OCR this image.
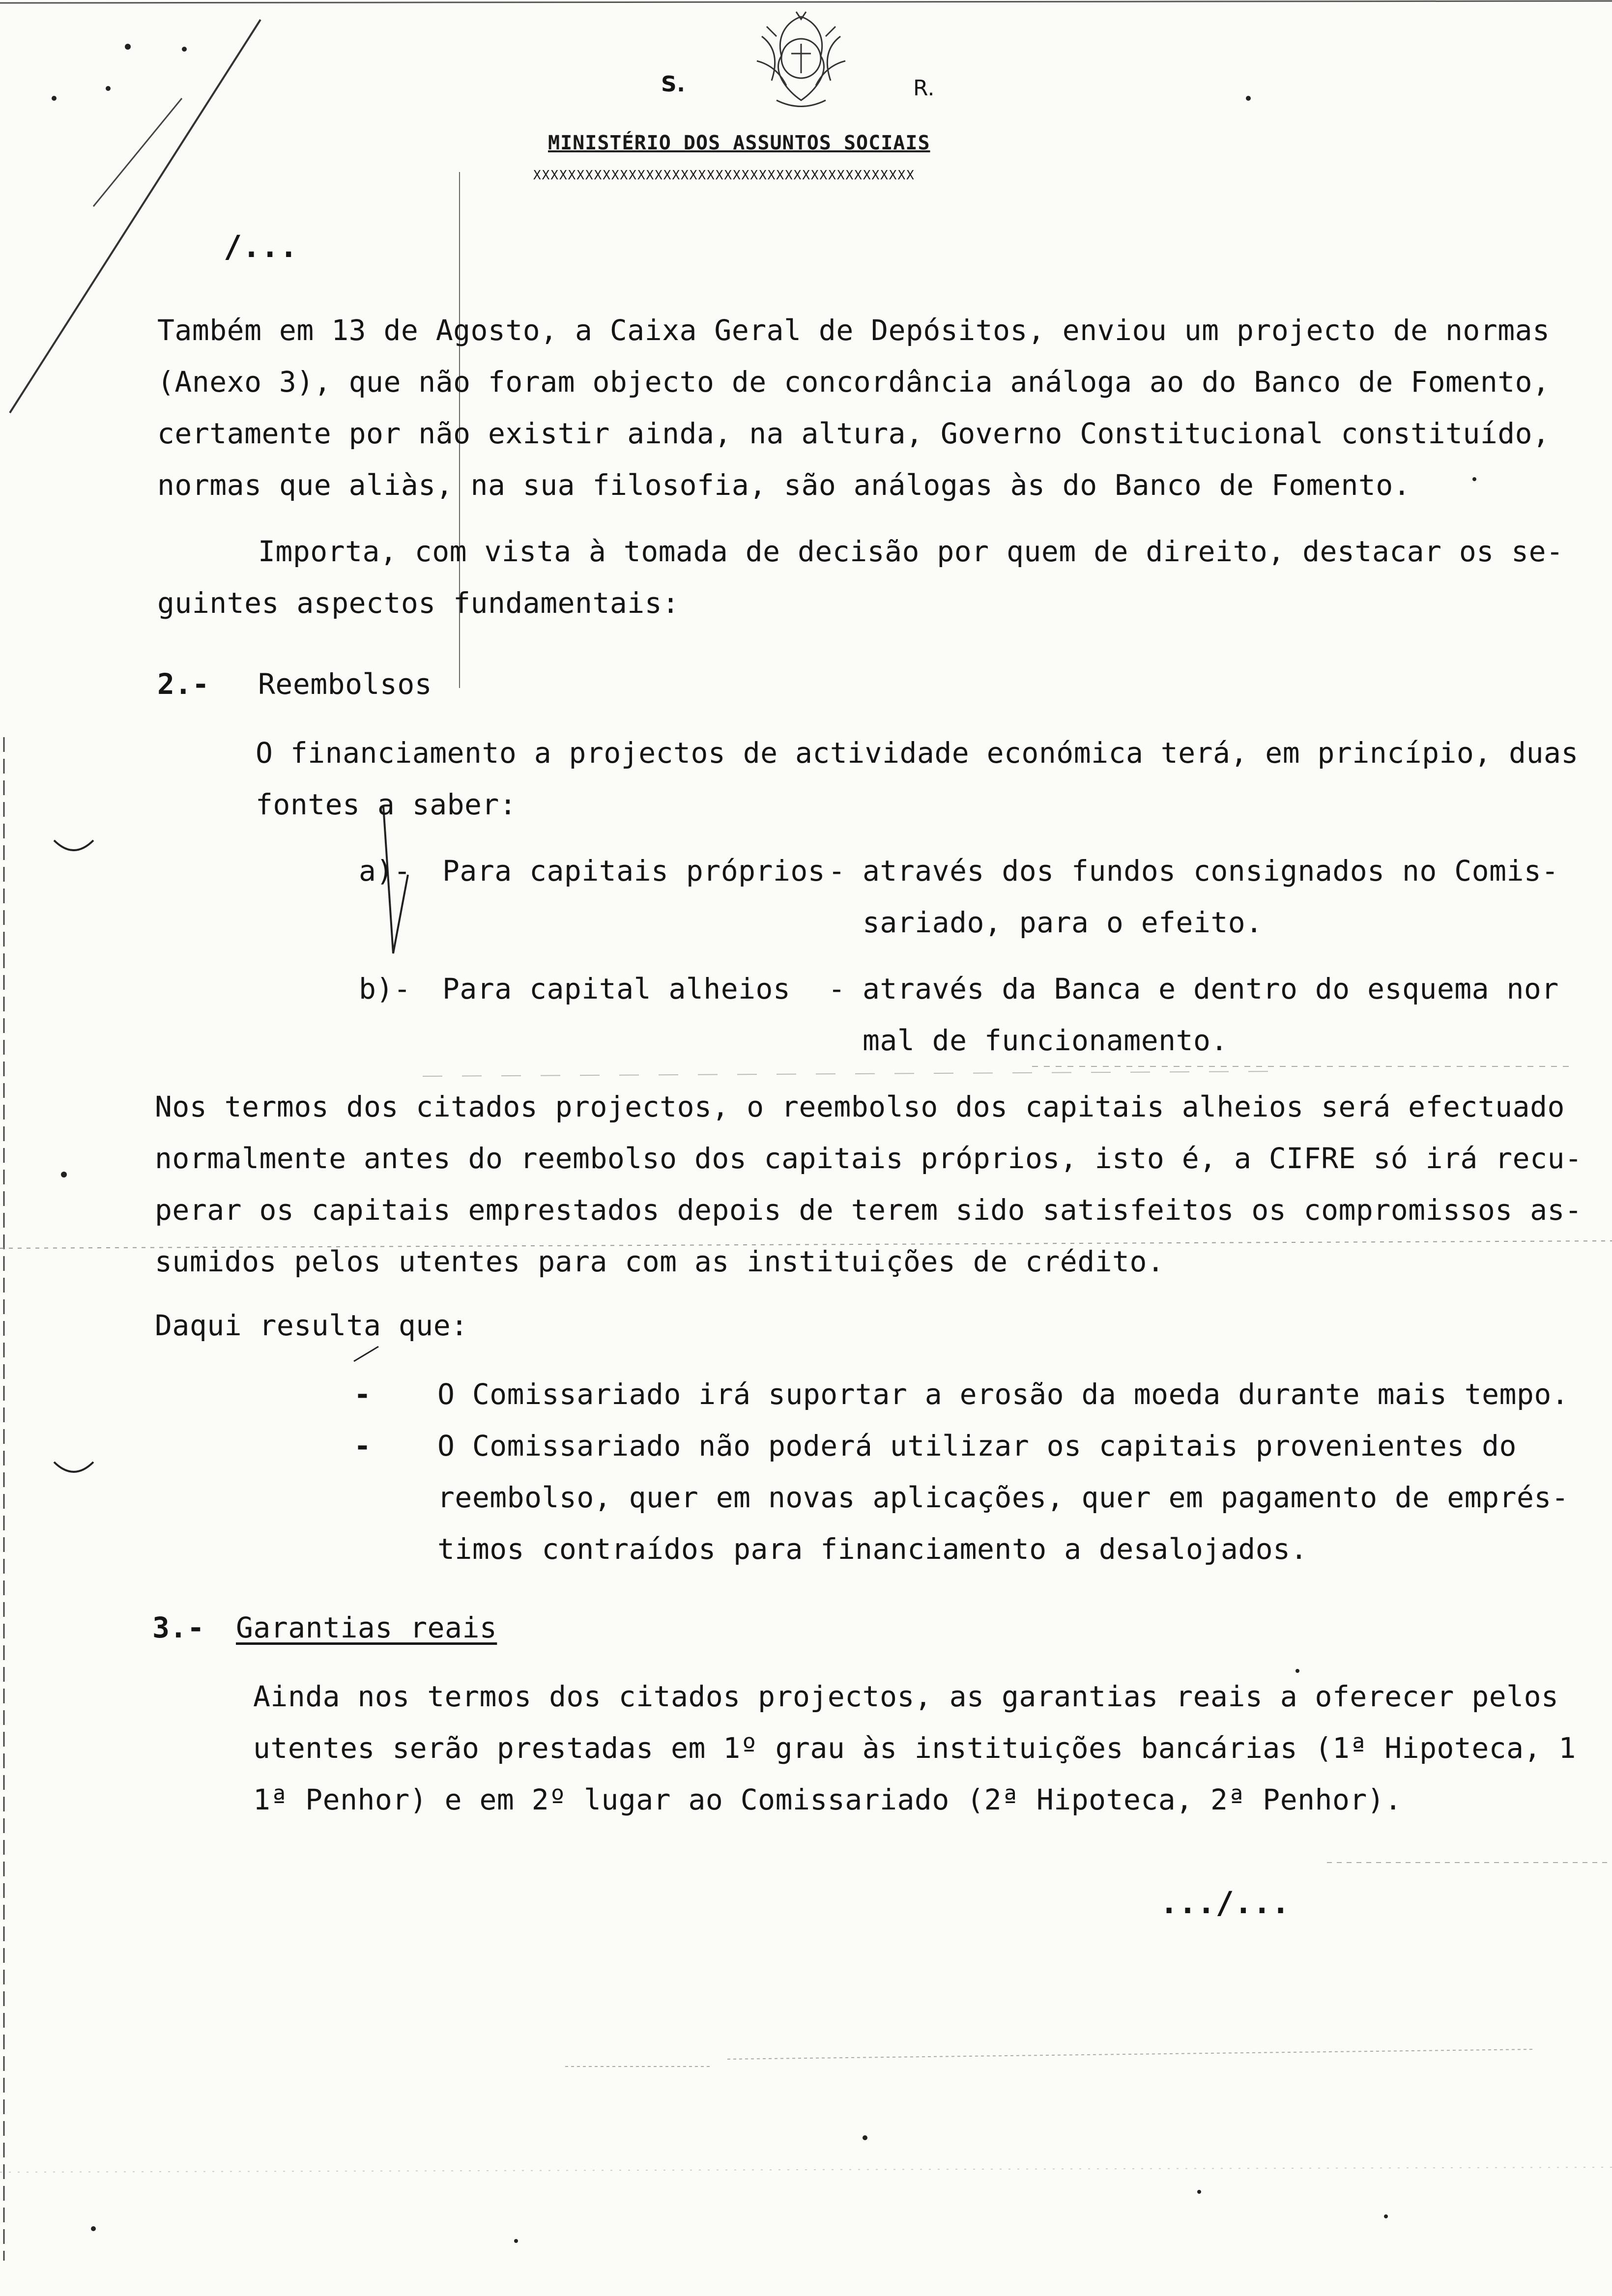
S.	R.
MINISTÉRIO DOS ASSUNTOS SOCIAIS
XXXXXXXXXXXXXXXXXXXXXXXXXXXXXXXXXXXXXXXXXXXX
/...
Também em 13 de Agosto, a Caixa Geral de Depósitos, enviou um projecto de normas
(Anexo 3), que não foram objecto de concordância análoga ao do Banco de Fomento,
certamente por não existir ainda, na altura, Governo Constitucional constituído,
normas que aliàs, na sua filosofia, são análogas às do Banco de Fomento.
Importa, com vista à tomada de decisão por quem de direito, destacar os se-
guintes aspectos fundamentais:
2.- Reembolsos
O financiamento a projectos de actividade económica terá, em princípio, duas
fontes a saber:
a)- Para capitais próprios - através dos fundos consignados no Comis-
sariado, para o efeito.
b)- Para capital alheios - através da Banca e dentro do esquema nor
mal de funcionamento.
Nos termos dos citados projectos, o reembolso dos capitais alheios será efectuado
normalmente antes do reembolso dos capitais próprios, isto é, a CIFRE só irá recu-
perar os capitais emprestados depois de terem sido satisfeitos os compromissos as-
sumidos pelos utentes para com as instituições de crédito.
Daqui resulta que:
- O Comissariado irá suportar a erosão da moeda durante mais tempo.
- O Comissariado não poderá utilizar os capitais provenientes do
reembolso, quer em novas aplicações, quer em pagamento de emprés-
timos contraídos para financiamento a desalojados.
3.- Garantias reais
Ainda nos termos dos citados projectos, as garantias reais a oferecer pelos
utentes serão prestadas em 1º grau às instituições bancárias (1ª Hipoteca, 1
1ª Penhor) e em 2º lugar ao Comissariado (2ª Hipoteca, 2ª Penhor).
.../...
